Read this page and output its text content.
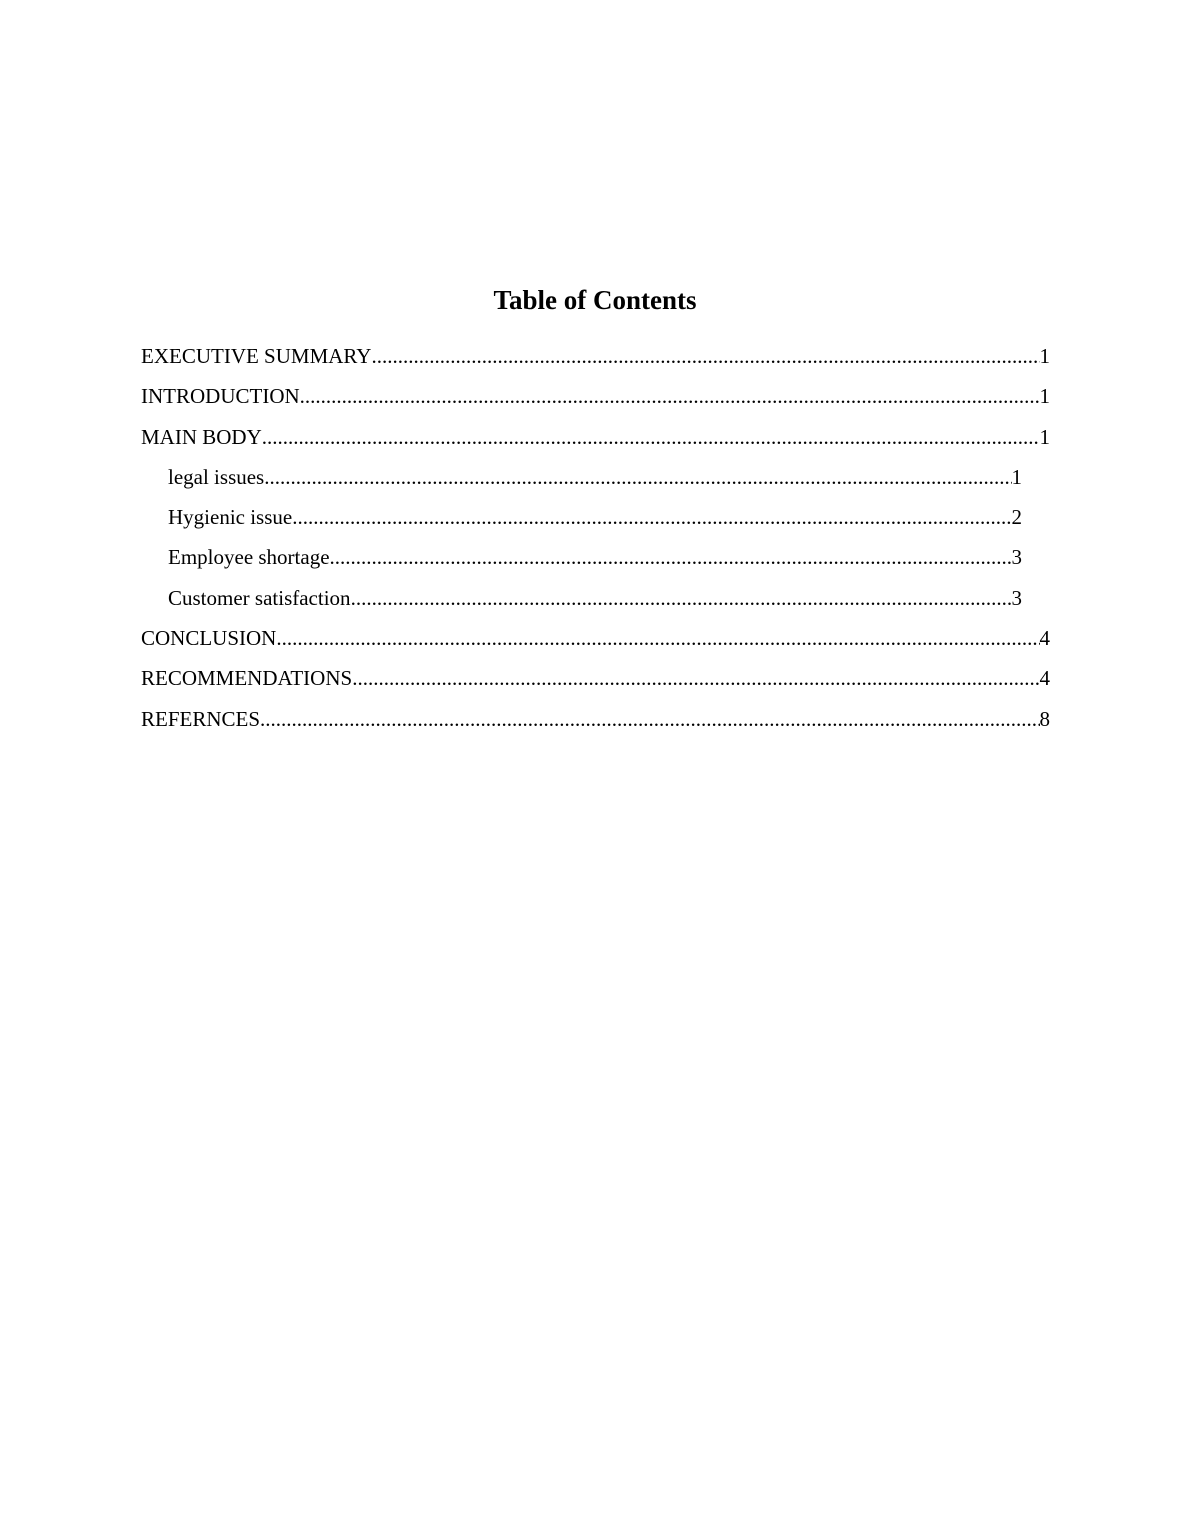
Table of Contents
EXECUTIVE SUMMARY .....	1
INTRODUCTION .....	1
MAIN BODY .....	1
legal issues .....	1
Hygienic issue .....	2
Employee shortage .....	3
Customer satisfaction .....	3
CONCLUSION .....	4
RECOMMENDATIONS .....	4
REFERNCES .....	8
